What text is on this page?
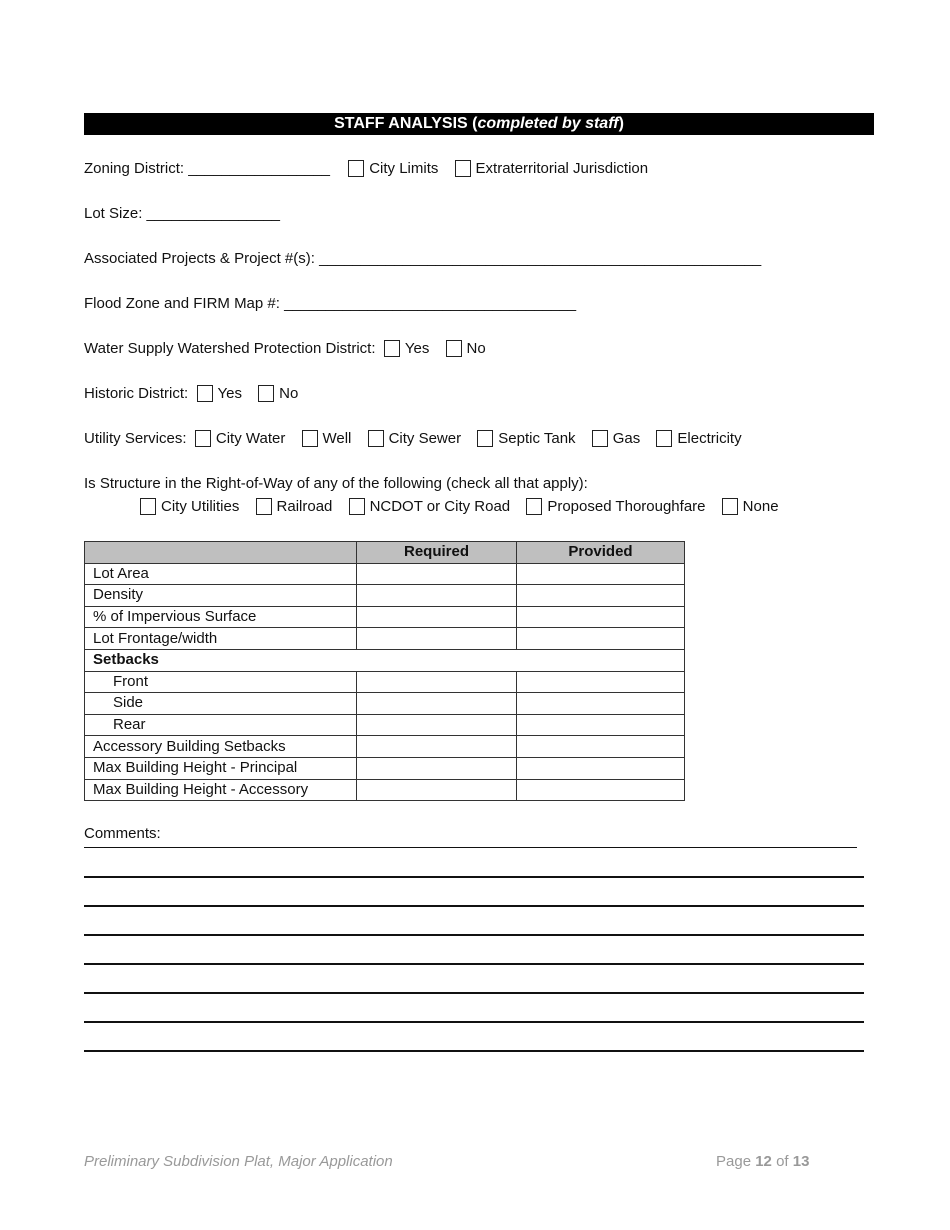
STAFF ANALYSIS (completed by staff)
Zoning District: _________________	City Limits Extraterritorial Jurisdiction
Lot Size: ________________
Associated Projects & Project #(s): _____________________________________________________
Flood Zone and FIRM Map #: ___________________________________
Water Supply Watershed Protection District: Yes No
Historic District: Yes No
Utility Services: City Water Well City Sewer Septic Tank Gas Electricity
Is Structure in the Right-of-Way of any of the following (check all that apply):
City Utilities Railroad NCDOT or City Road Proposed Thoroughfare None
	Required	Provided
Lot Area		
Density		
% of Impervious Surface		
Lot Frontage/width		
Setbacks		
Front		
Side		
Rear		
Accessory Building Setbacks		
Max Building Height - Principal		
Max Building Height - Accessory		
Comments:
Preliminary Subdivision Plat, Major Application	Page 12 of 13
